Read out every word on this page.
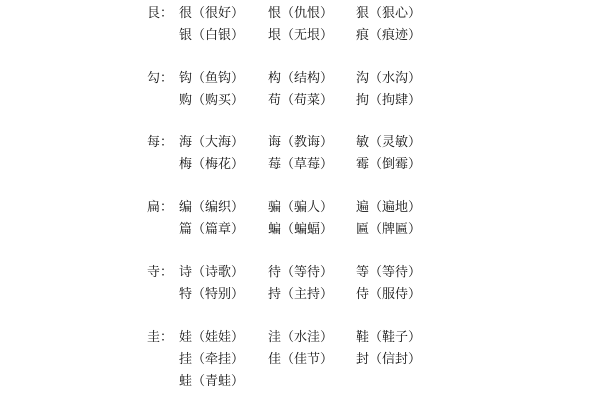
艮： 很（很好） 恨（仇恨） 狠（狠心）
银（白银） 垠（无垠） 痕（痕迹）
勾： 钩（鱼钩） 构（结构） 沟（水沟）
购（购买） 苟（苟菜） 拘（拘肆）
每： 海（大海） 诲（教诲） 敏（灵敏）
梅（梅花） 莓（草莓） 霉（倒霉）
扁： 编（编织） 骗（骗人） 遍（遍地）
篇（篇章） 蝙（蝙蝠） 匾（牌匾）
寺： 诗（诗歌） 待（等待） 等（等待）
特（特别） 持（主持） 侍（服侍）
圭： 娃（娃娃） 洼（水洼） 鞋（鞋子）
挂（牵挂） 佳（佳节） 封（信封）
蛙（青蛙）
